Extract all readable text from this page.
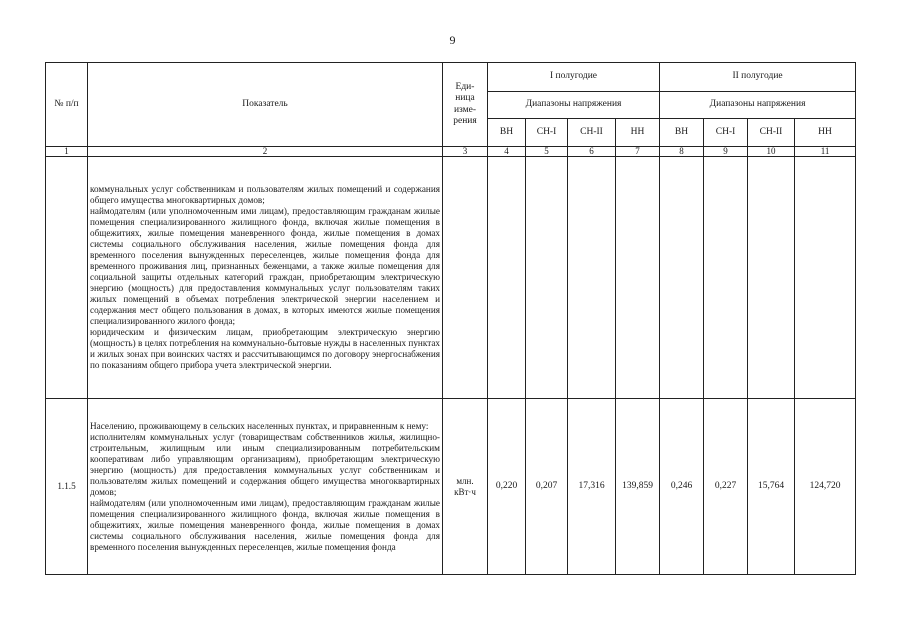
9
№ п/п	Показатель	Еди-
ница
изме-
рения	I полугодие				II полугодие			
			Диапазоны напряжения				Диапазоны напряжения			
			ВН	СН-I	СН-II	НН	ВН	СН-I	СН-II	НН
1	2	3	4	5	6	7	8	9	10	11

	коммунальных услуг собственникам и пользователям жилых помещений и содержания общего имущества многоквартирных домов;

наймодателям (или уполномоченным ими лицам), предоставляющим гражданам жилые помещения специализированного жилищного фонда, включая жилые помещения в общежитиях, жилые помещения маневренного фонда, жилые помещения в домах системы социального обслуживания населения, жилые помещения фонда для временного поселения вынужденных переселенцев, жилые помещения фонда для временного проживания лиц, признанных беженцами, а также жилые помещения для социальной защиты отдельных категорий граждан, приобретающим электрическую энергию (мощность) для предоставления коммунальных услуг пользователям таких жилых помещений в объемах потребления электрической энергии населением и содержания мест общего пользования в домах, в которых имеются жилые помещения специализированного жилого фонда;

юридическим и физическим лицам, приобретающим электрическую энергию (мощность) в целях потребления на коммунально-бытовые нужды в населенных пунктах и жилых зонах при воинских частях и рассчитывающимся по договору энергоснабжения по показаниям общего прибора учета электрической энергии.									

1.1.5	Населению, проживающему в сельских населенных пунктах, и приравненным к нему:

исполнителям коммунальных услуг (товариществам собственников жилья, жилищно-строительным, жилищным или иным специализированным потребительским кооперативам либо управляющим организациям), приобретающим электрическую энергию (мощность) для предоставления коммунальных услуг собственникам и пользователям жилых помещений и содержания общего имущества многоквартирных домов;

наймодателям (или уполномоченным ими лицам), предоставляющим гражданам жилые помещения специализированного жилищного фонда, включая жилые помещения в общежитиях, жилые помещения маневренного фонда, жилые помещения в домах системы социального обслуживания населения, жилые помещения фонда для временного поселения вынужденных переселенцев, жилые помещения фонда	млн. кВт·ч	0,220	0,207	17,316	139,859	0,246	0,227	15,764	124,720
